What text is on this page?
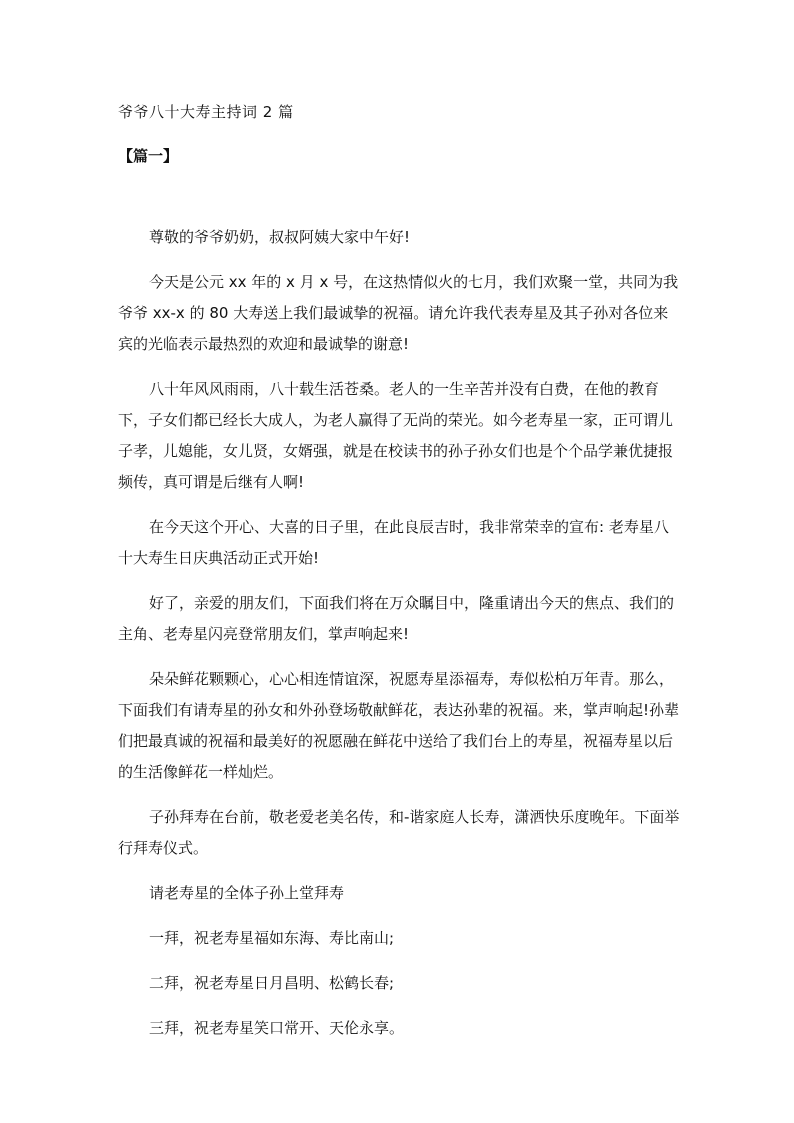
爷爷八十大寿主持词 2 篇
【篇一】

尊敬的爷爷奶奶，叔叔阿姨大家中午好!

今天是公元 xx 年的 x 月 x 号，在这热情似火的七月，我们欢聚一堂，共同为我爷爷 xx-x 的 80 大寿送上我们最诚挚的祝福。请允许我代表寿星及其子孙对各位来宾的光临表示最热烈的欢迎和最诚挚的谢意!

八十年风风雨雨，八十载生活苍桑。老人的一生辛苦并没有白费，在他的教育下，子女们都已经长大成人，为老人赢得了无尚的荣光。如今老寿星一家，正可谓儿子孝，儿媳能，女儿贤，女婿强，就是在校读书的孙子孙女们也是个个品学兼优捷报频传，真可谓是后继有人啊!

在今天这个开心、大喜的日子里，在此良辰吉时，我非常荣幸的宣布: 老寿星八十大寿生日庆典活动正式开始!

好了，亲爱的朋友们，下面我们将在万众瞩目中，隆重请出今天的焦点、我们的主角、老寿星闪亮登常朋友们，掌声响起来!

朵朵鲜花颗颗心，心心相连情谊深，祝愿寿星添福寿，寿似松柏万年青。那么，下面我们有请寿星的孙女和外孙登场敬献鲜花，表达孙辈的祝福。来，掌声响起!孙辈们把最真诚的祝福和最美好的祝愿融在鲜花中送给了我们台上的寿星，祝福寿星以后的生活像鲜花一样灿烂。

子孙拜寿在台前，敬老爱老美名传，和-谐家庭人长寿，潇洒快乐度晚年。下面举行拜寿仪式。

请老寿星的全体子孙上堂拜寿

一拜，祝老寿星福如东海、寿比南山;

二拜，祝老寿星日月昌明、松鹤长春;

三拜，祝老寿星笑口常开、天伦永享。
